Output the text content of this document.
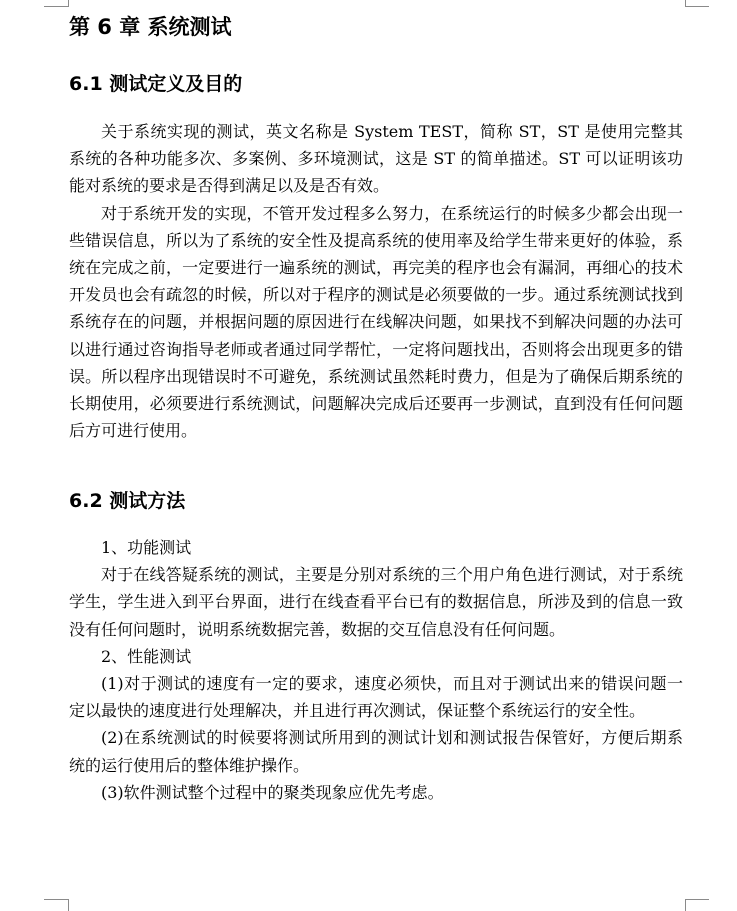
第 6 章 系统测试
6.1 测试定义及目的

关于系统实现的测试，英文名称是 System TEST，简称 ST，ST 是使用完整其系统的各种功能多次、多案例、多环境测试，这是 ST 的简单描述。ST 可以证明该功能对系统的要求是否得到满足以及是否有效。

对于系统开发的实现，不管开发过程多么努力，在系统运行的时候多少都会出现一些错误信息，所以为了系统的安全性及提高系统的使用率及给学生带来更好的体验，系统在完成之前，一定要进行一遍系统的测试，再完美的程序也会有漏洞，再细心的技术开发员也会有疏忽的时候，所以对于程序的测试是必须要做的一步。通过系统测试找到系统存在的问题，并根据问题的原因进行在线解决问题，如果找不到解决问题的办法可以进行通过咨询指导老师或者通过同学帮忙，一定将问题找出，否则将会出现更多的错误。所以程序出现错误时不可避免，系统测试虽然耗时费力，但是为了确保后期系统的长期使用，必须要进行系统测试，问题解决完成后还要再一步测试，直到没有任何问题后方可进行使用。

6.2 测试方法

1、功能测试

对于在线答疑系统的测试，主要是分别对系统的三个用户角色进行测试，对于系统学生，学生进入到平台界面，进行在线查看平台已有的数据信息，所涉及到的信息一致没有任何问题时，说明系统数据完善，数据的交互信息没有任何问题。

2、性能测试

(1)对于测试的速度有一定的要求，速度必须快，而且对于测试出来的错误问题一定以最快的速度进行处理解决，并且进行再次测试，保证整个系统运行的安全性。

(2)在系统测试的时候要将测试所用到的测试计划和测试报告保管好，方便后期系统的运行使用后的整体维护操作。

(3)软件测试整个过程中的聚类现象应优先考虑。
